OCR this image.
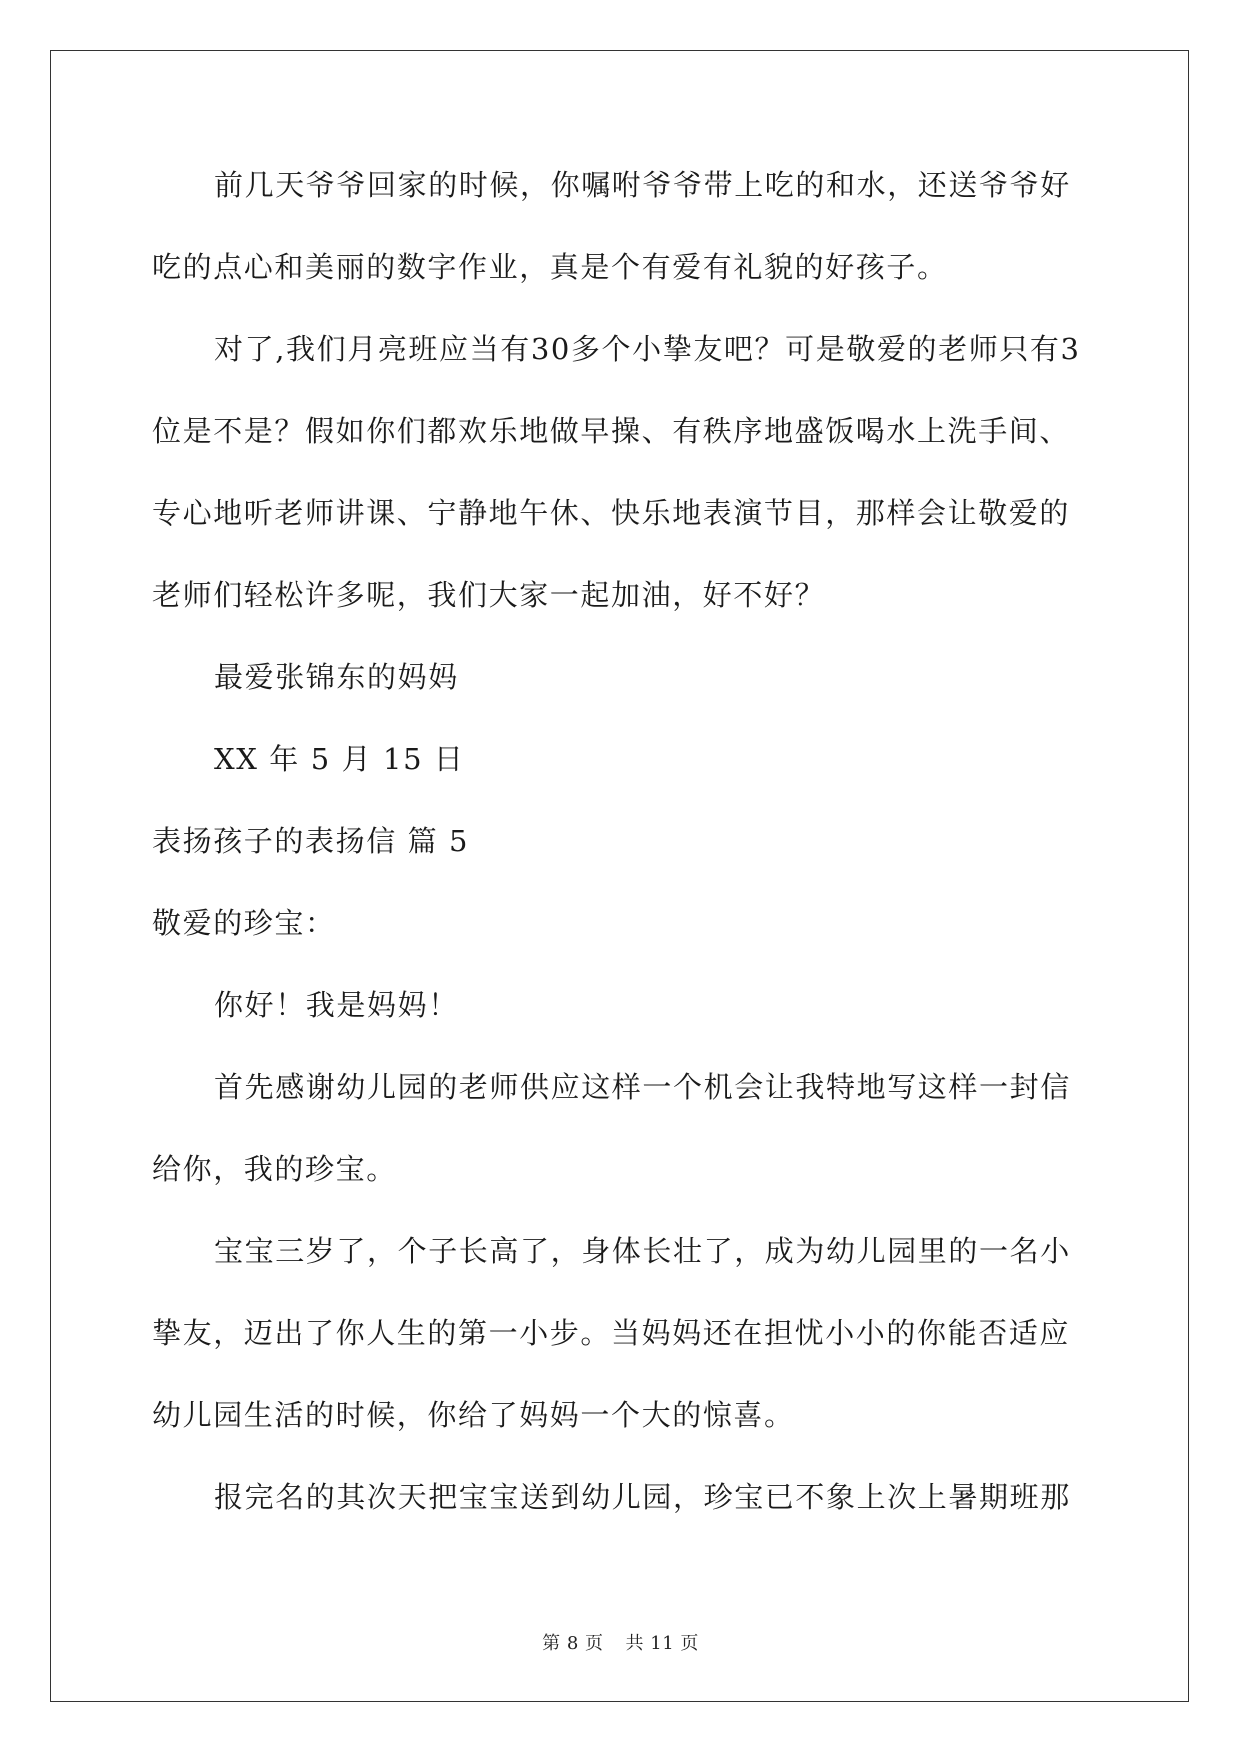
前几天爷爷回家的时候，你嘱咐爷爷带上吃的和水，还送爷爷好
吃的点心和美丽的数字作业，真是个有爱有礼貌的好孩子。
对了,我们月亮班应当有30多个小挚友吧？可是敬爱的老师只有3
位是不是？假如你们都欢乐地做早操、有秩序地盛饭喝水上洗手间、
专心地听老师讲课、宁静地午休、快乐地表演节目，那样会让敬爱的
老师们轻松许多呢，我们大家一起加油，好不好？
最爱张锦东的妈妈
XX 年 5 月 15 日
表扬孩子的表扬信 篇 5
敬爱的珍宝：
你好！我是妈妈！
首先感谢幼儿园的老师供应这样一个机会让我特地写这样一封信
给你，我的珍宝。
宝宝三岁了，个子长高了，身体长壮了，成为幼儿园里的一名小
挚友，迈出了你人生的第一小步。当妈妈还在担忧小小的你能否适应
幼儿园生活的时候，你给了妈妈一个大的惊喜。
报完名的其次天把宝宝送到幼儿园，珍宝已不象上次上暑期班那
第 8 页 共 11 页
